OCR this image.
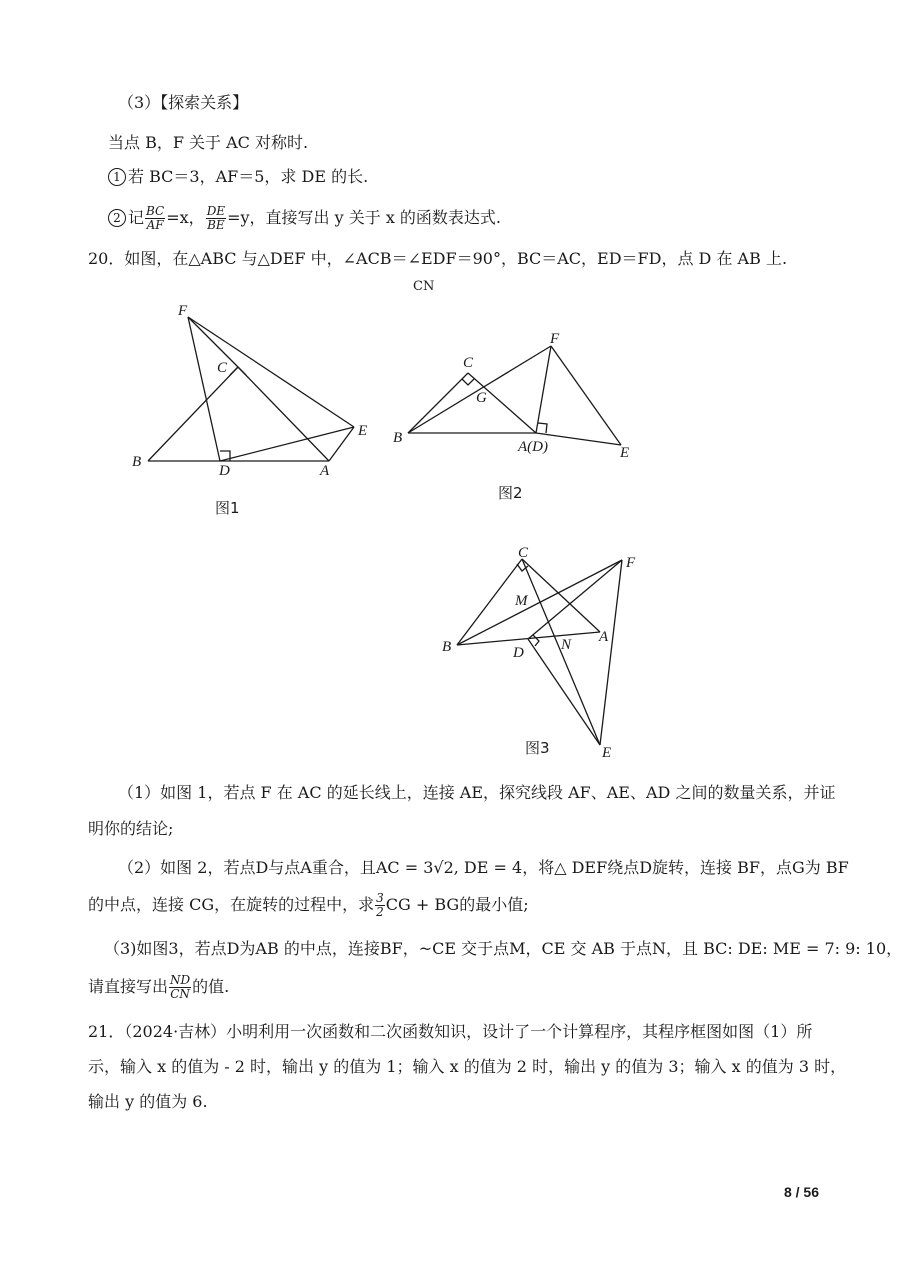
（3）【探索关系】
当点 B，F 关于 AC 对称时.
1 若 BC＝3，AF＝5，求 DE 的长.
2 记 $\frac{BC}{AF} =x$， $\frac{DE}{BE} =y$，直接写出 y 关于 x 的函数表达式.
20．如图，在△ABC 与△DEF 中，∠ACB＝∠EDF＝90°，BC＝AC，ED＝FD，点 D 在 AB 上.
CN
F
C
B
D	A
E
图1
C
G
F
B
A(D)	E
图2
C
F
M
B	D N A
E
图3
（1）如图 1，若点 F 在 AC 的延长线上，连接 AE，探究线段 AF、AE、AD 之间的数量关系，并证
明你的结论;
（2）如图 2，若点D与点A重合，且AC = 3√2, DE = 4，将△ DEF绕点D旋转，连接 BF，点G为 BF
的中点，连接 CG，在旋转的过程中，求 $\frac{3}{2}$ CG + BG的最小值;
（3)如图3，若点D为AB 的中点，连接BF，~CE 交于点M，CE 交 AB 于点N，且 BC: DE: ME = 7: 9: 10，
请直接写出 $\frac{ND}{CN}$ 的值.
21．（2024·吉林）小明利用一次函数和二次函数知识，设计了一个计算程序，其程序框图如图（1）所
示，输入 x 的值为 - 2 时，输出 y 的值为 1；输入 x 的值为 2 时，输出 y 的值为 3；输入 x 的值为 3 时，
输出 y 的值为 6.
8 / 56
